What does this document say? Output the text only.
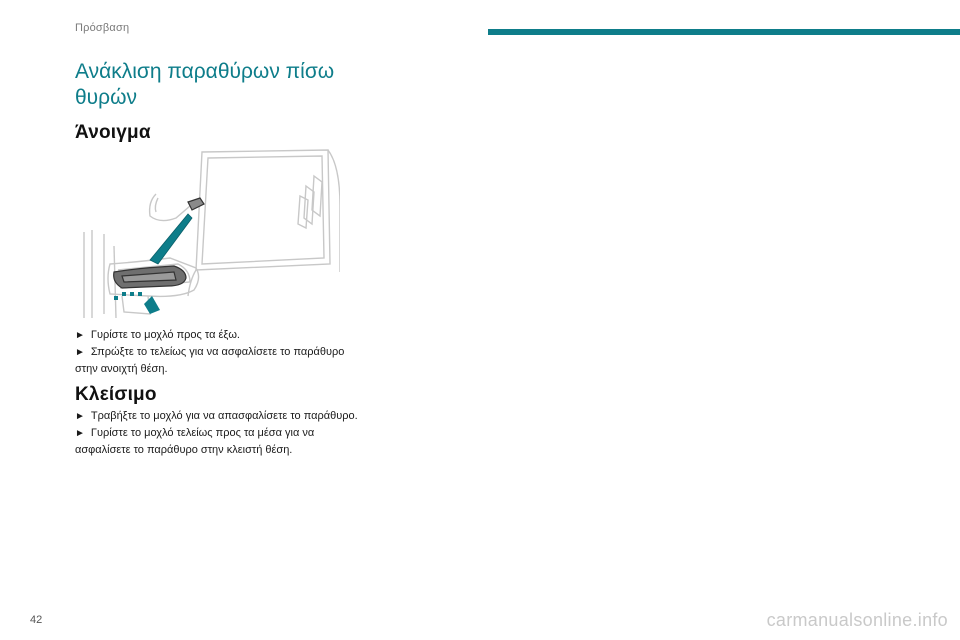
Πρόσβαση
Ανάκλιση παραθύρων πίσω θυρών
Άνοιγμα
► Γυρίστε το μοχλό προς τα έξω.
► Σπρώξτε το τελείως για να ασφαλίσετε το παράθυρο στην ανοιχτή θέση.
Κλείσιμο
► Τραβήξτε το μοχλό για να απασφαλίσετε το παράθυρο.
► Γυρίστε το μοχλό τελείως προς τα μέσα για να ασφαλίσετε το παράθυρο στην κλειστή θέση.
42	carmanualsonline.info
